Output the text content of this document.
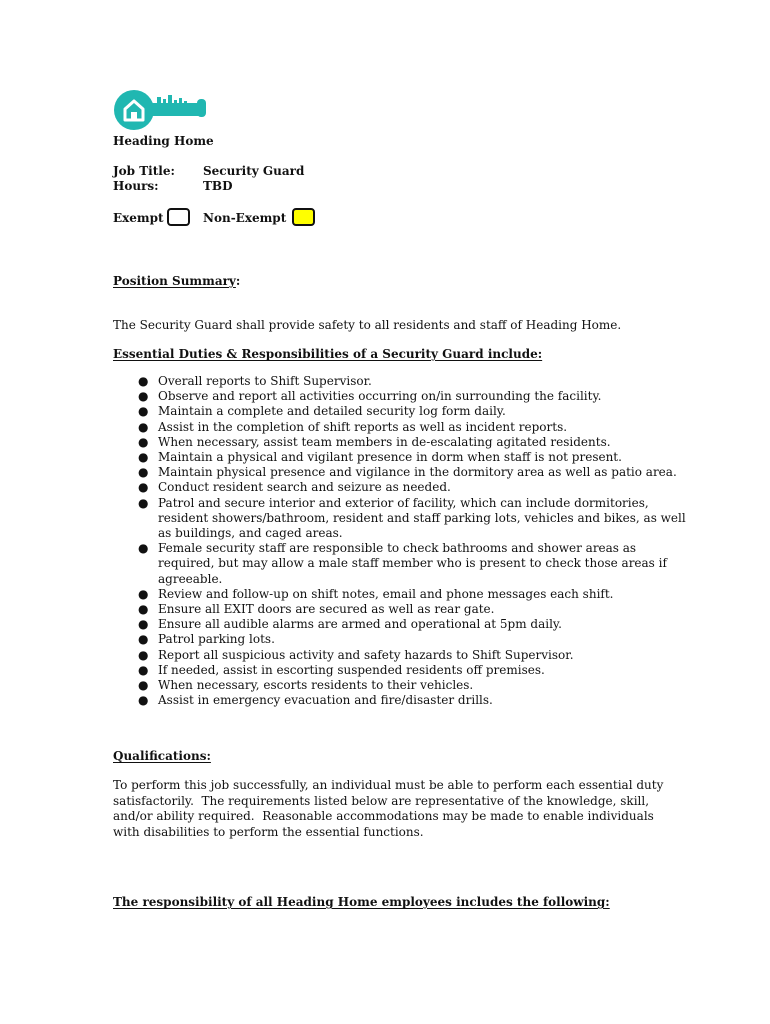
Heading Home
Job Title: Security Guard
Hours:	TBD
Exempt	Non-Exempt
Position Summary:
The Security Guard shall provide safety to all residents and staff of Heading Home.
Essential Duties & Responsibilities of a Security Guard include:
● Overall reports to Shift Supervisor.
● Observe and report all activities occurring on/in surrounding the facility.
● Maintain a complete and detailed security log form daily.
● Assist in the completion of shift reports as well as incident reports.
● When necessary, assist team members in de-escalating agitated residents.
● Maintain a physical and vigilant presence in dorm when staff is not present.
● Maintain physical presence and vigilance in the dormitory area as well as patio area.
● Conduct resident search and seizure as needed.
● Patrol and secure interior and exterior of facility, which can include dormitories,
resident showers/bathroom, resident and staff parking lots, vehicles and bikes, as well
as buildings, and caged areas.
● Female security staff are responsible to check bathrooms and shower areas as
required, but may allow a male staff member who is present to check those areas if
agreeable.
● Review and follow-up on shift notes, email and phone messages each shift.
● Ensure all EXIT doors are secured as well as rear gate.
● Ensure all audible alarms are armed and operational at 5pm daily.
● Patrol parking lots.
● Report all suspicious activity and safety hazards to Shift Supervisor.
● If needed, assist in escorting suspended residents off premises.
● When necessary, escorts residents to their vehicles.
● Assist in emergency evacuation and fire/disaster drills.
Qualifications:
To perform this job successfully, an individual must be able to perform each essential duty
satisfactorily.  The requirements listed below are representative of the knowledge, skill,
and/or ability required.  Reasonable accommodations may be made to enable individuals
with disabilities to perform the essential functions.
The responsibility of all Heading Home employees includes the following:
